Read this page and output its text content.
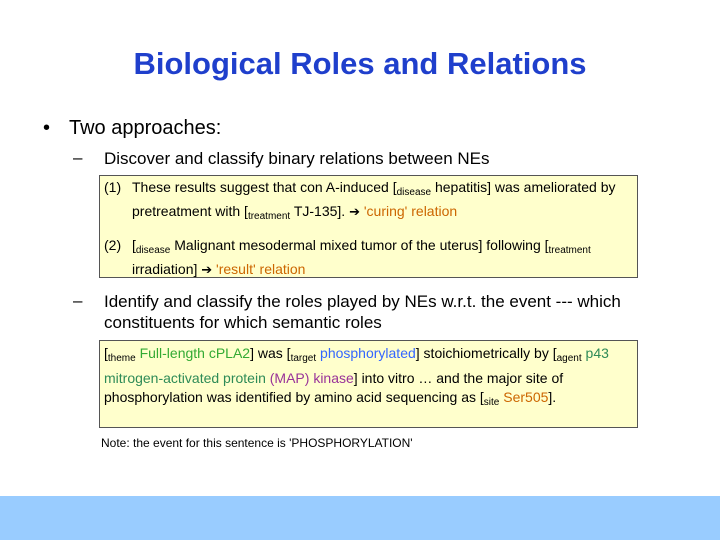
Biological Roles and Relations
• Two approaches:
– Discover and classify binary relations between NEs
(1) These results suggest that con A-induced [$_{disease}$ hepatitis] was ameliorated by pretreatment with [$_{treatment}$ TJ-135]. ➔ 'curing' relation
(2) [$_{disease}$ Malignant mesodermal mixed tumor of the uterus] following [$_{treatment}$ irradiation] ➔ 'result' relation
– Identify and classify the roles played by NEs w.r.t. the event --- which constituents for which semantic roles
[$_{theme}$ Full-length cPLA2] was [$_{target}$ phosphorylated] stoichiometrically by [$_{agent}$ p43 mitrogen-activated protein (MAP) kinase] into vitro … and the major site of phosphorylation was identified by amino acid sequencing as [$_{site}$ Ser505].
Note: the event for this sentence is 'PHOSPHORYLATION'
